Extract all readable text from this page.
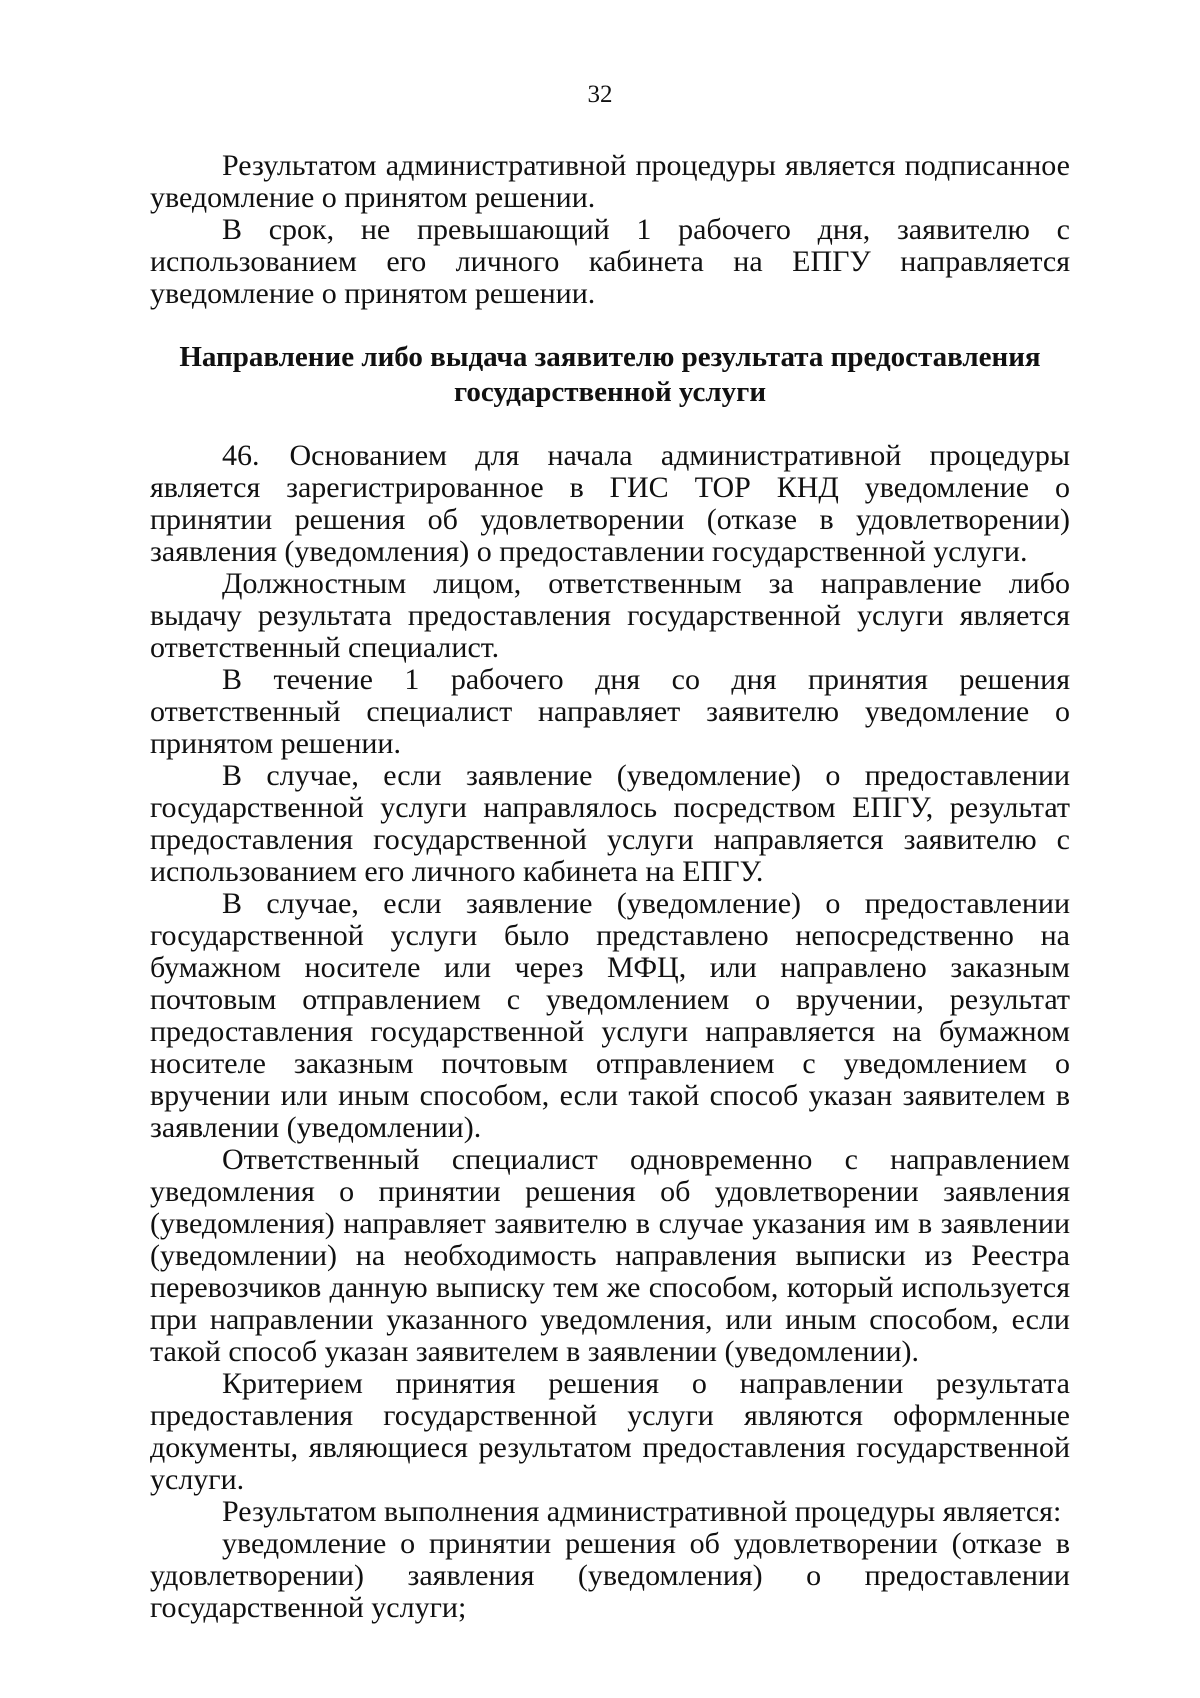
32

Результатом административной процедуры является подписанное уведомление о принятом решении.

В срок, не превышающий 1 рабочего дня, заявителю с использованием его личного кабинета на ЕПГУ направляется уведомление о принятом решении.

Направление либо выдача заявителю результата предоставления
государственной услуги

46. Основанием для начала административной процедуры является зарегистрированное в ГИС ТОР КНД уведомление о принятии решения об удовлетворении (отказе в удовлетворении) заявления (уведомления) о предоставлении государственной услуги.

Должностным лицом, ответственным за направление либо выдачу результата предоставления государственной услуги является ответственный специалист.

В течение 1 рабочего дня со дня принятия решения ответственный специалист направляет заявителю уведомление о принятом решении.

В случае, если заявление (уведомление) о предоставлении государственной услуги направлялось посредством ЕПГУ, результат предоставления государственной услуги направляется заявителю с использованием его личного кабинета на ЕПГУ.

В случае, если заявление (уведомление) о предоставлении государственной услуги было представлено непосредственно на бумажном носителе или через МФЦ, или направлено заказным почтовым отправлением с уведомлением о вручении, результат предоставления государственной услуги направляется на бумажном носителе заказным почтовым отправлением с уведомлением о вручении или иным способом, если такой способ указан заявителем в заявлении (уведомлении).

Ответственный специалист одновременно с направлением уведомления о принятии решения об удовлетворении заявления (уведомления) направляет заявителю в случае указания им в заявлении (уведомлении) на необходимость направления выписки из Реестра перевозчиков данную выписку тем же способом, который используется при направлении указанного уведомления, или иным способом, если такой способ указан заявителем в заявлении (уведомлении).

Критерием принятия решения о направлении результата предоставления государственной услуги являются оформленные документы, являющиеся результатом предоставления государственной услуги.

Результатом выполнения административной процедуры является:

уведомление о принятии решения об удовлетворении (отказе в удовлетворении) заявления (уведомления) о предоставлении государственной услуги;
